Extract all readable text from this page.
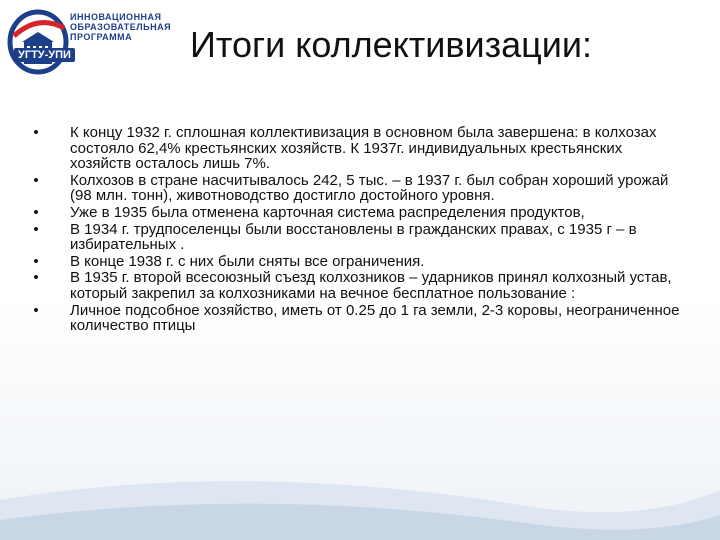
ИННОВАЦИОННАЯ
ОБРАЗОВАТЕЛЬНАЯ
ПРОГРАММА
УГТУ-УПИ	Итоги коллективизации:
• К концу 1932 г. сплошная коллективизация в основном была завершена: в колхозах состояло 62,4% крестьянских хозяйств. К 1937г. индивидуальных крестьянских хозяйств осталось лишь 7%.
• Колхозов в стране насчитывалось 242, 5 тыс. – в 1937 г. был собран хороший урожай (98 млн. тонн), животноводство достигло достойного уровня.
• Уже в 1935 была отменена карточная система распределения продуктов,
• В 1934 г. трудпоселенцы были восстановлены в гражданских правах, с 1935 г – в избирательных .
• В конце 1938 г. с них были сняты все ограничения.
• В 1935 г. второй всесоюзный съезд колхозников – ударников принял колхозный устав, который закрепил за колхозниками на вечное бесплатное пользование :
• Личное подсобное хозяйство, иметь от 0.25 до 1 га земли, 2-3 коровы, неограниченное количество птицы
